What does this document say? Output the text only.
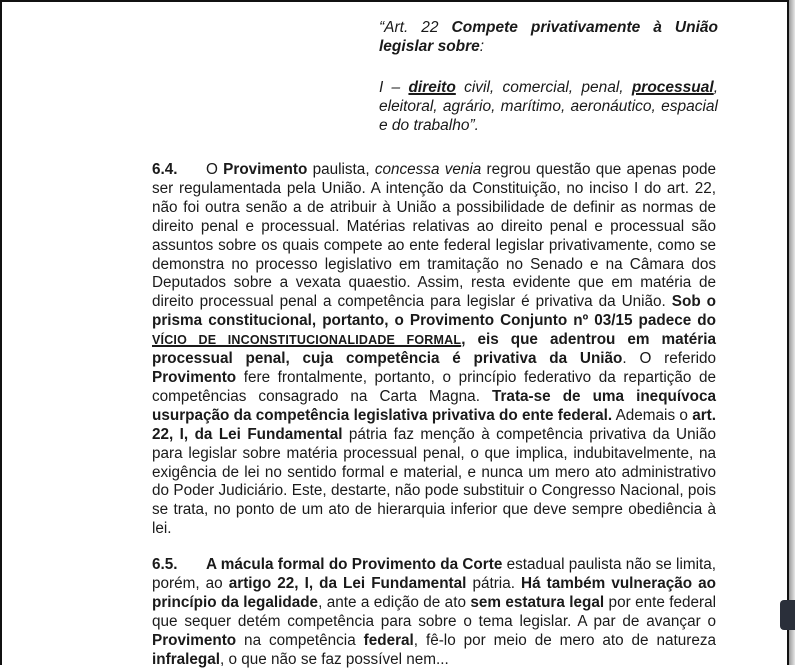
“Art. 22 Compete privativamente à União legislar sobre:

I – direito civil, comercial, penal, processual, eleitoral, agrário, marítimo, aeronáutico, espacial e do trabalho”.

6.4. O Provimento paulista, concessa venia regrou questão que apenas pode ser regulamentada pela União. A intenção da Constituição, no inciso I do art. 22, não foi outra senão a de atribuir à União a possibilidade de definir as normas de direito penal e processual. Matérias relativas ao direito penal e processual são assuntos sobre os quais compete ao ente federal legislar privativamente, como se demonstra no processo legislativo em tramitação no Senado e na Câmara dos Deputados sobre a vexata quaestio. Assim, resta evidente que em matéria de direito processual penal a competência para legislar é privativa da União. Sob o prisma constitucional, portanto, o Provimento Conjunto nº 03/15 padece do VÍCIO DE INCONSTITUCIONALIDADE FORMAL, eis que adentrou em matéria processual penal, cuja competência é privativa da União. O referido Provimento fere frontalmente, portanto, o princípio federativo da repartição de competências consagrado na Carta Magna. Trata-se de uma inequívoca usurpação da competência legislativa privativa do ente federal. Ademais o art. 22, I, da Lei Fundamental pátria faz menção à competência privativa da União para legislar sobre matéria processual penal, o que implica, indubitavelmente, na exigência de lei no sentido formal e material, e nunca um mero ato administrativo do Poder Judiciário. Este, destarte, não pode substituir o Congresso Nacional, pois se trata, no ponto de um ato de hierarquia inferior que deve sempre obediência à lei.

6.5. A mácula formal do Provimento da Corte estadual paulista não se limita, porém, ao artigo 22, I, da Lei Fundamental pátria. Há também vulneração ao princípio da legalidade, ante a edição de ato sem estatura legal por ente federal que sequer detém competência para sobre o tema legislar. A par de avançar o Provimento na competência federal, fê-lo por meio de mero ato de natureza infralegal, o que não se faz possível nem...
